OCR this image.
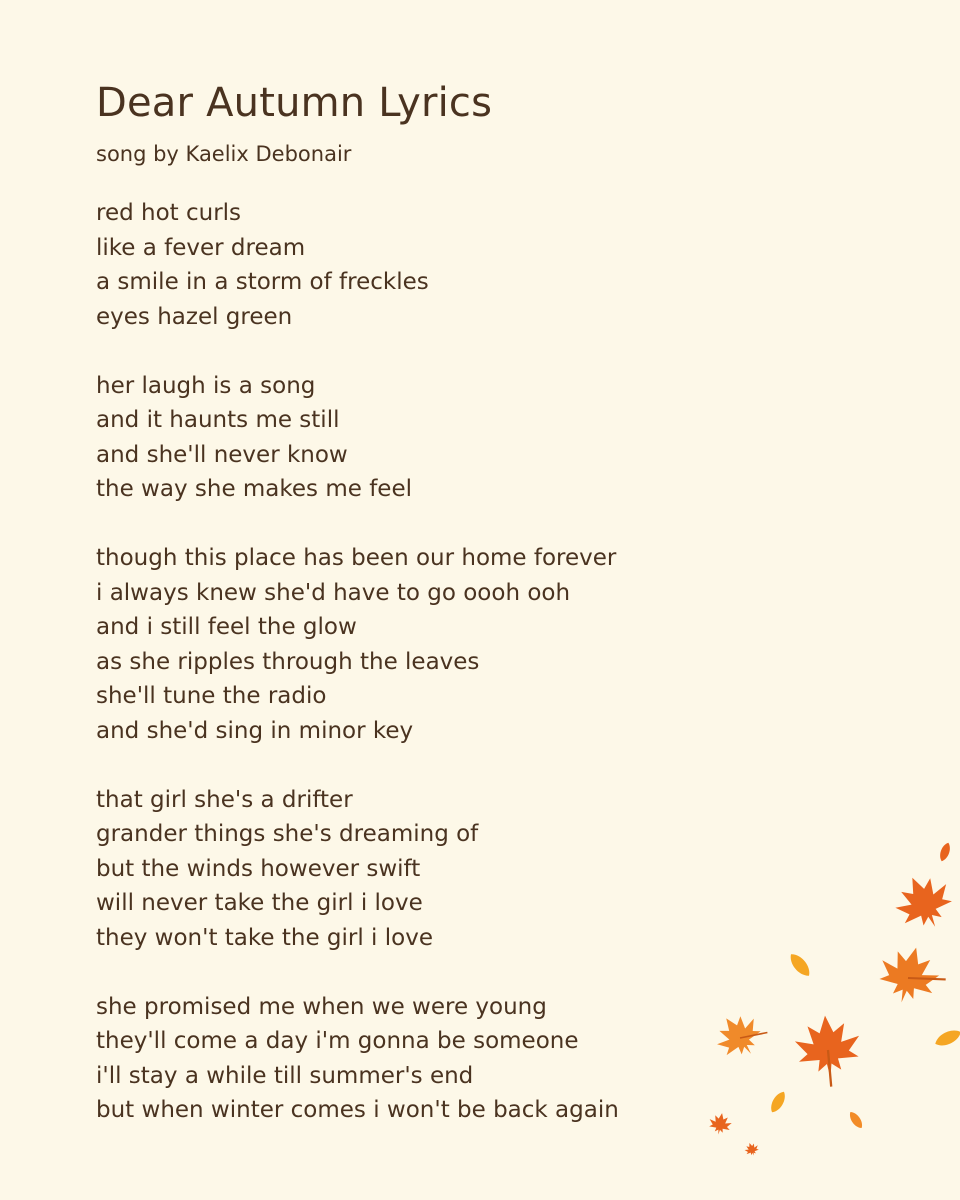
Dear Autumn Lyrics

song by Kaelix Debonair

red hot curls
like a fever dream
a smile in a storm of freckles
eyes hazel green
her laugh is a song
and it haunts me still
and she'll never know
the way she makes me feel
though this place has been our home forever
i always knew she'd have to go oooh ooh
and i still feel the glow
as she ripples through the leaves
she'll tune the radio
and she'd sing in minor key
that girl she's a drifter
grander things she's dreaming of
but the winds however swift
will never take the girl i love
they won't take the girl i love
she promised me when we were young
they'll come a day i'm gonna be someone
i'll stay a while till summer's end
but when winter comes i won't be back again
